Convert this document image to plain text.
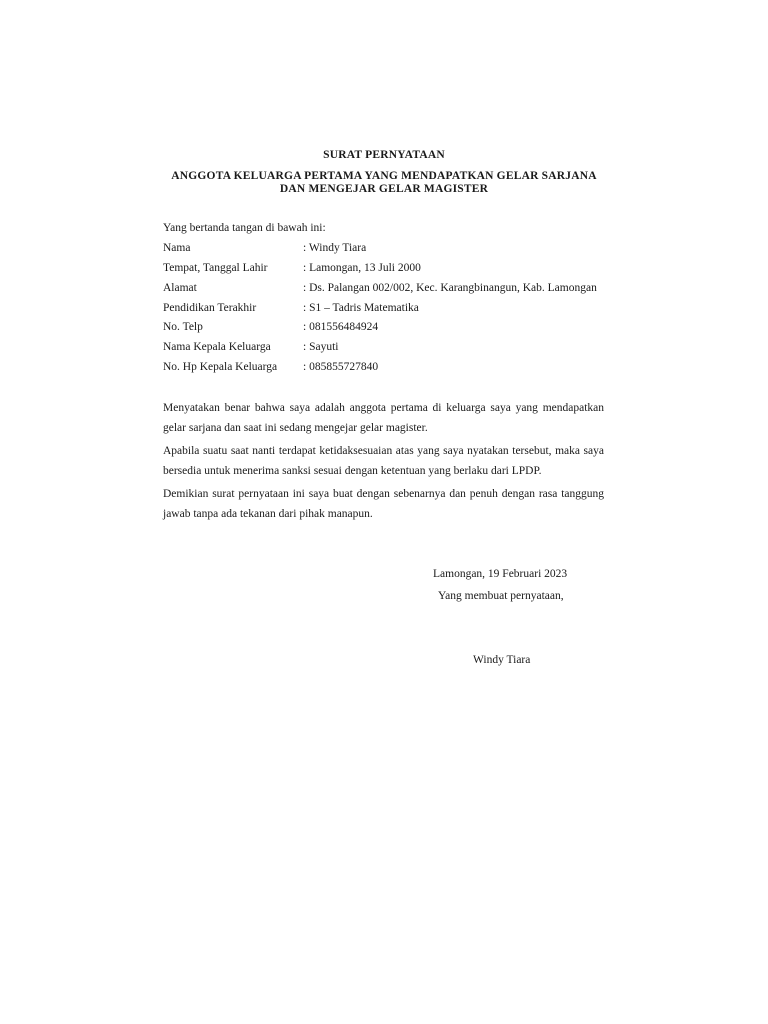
SURAT PERNYATAAN
ANGGOTA KELUARGA PERTAMA YANG MENDAPATKAN GELAR SARJANA
DAN MENGEJAR GELAR MAGISTER
Yang bertanda tangan di bawah ini:
Nama	: Windy Tiara
Tempat, Tanggal Lahir	: Lamongan, 13 Juli 2000
Alamat	: Ds. Palangan 002/002, Kec. Karangbinangun, Kab. Lamongan
Pendidikan Terakhir	: S1 – Tadris Matematika
No. Telp	: 081556484924
Nama Kepala Keluarga	: Sayuti
No. Hp Kepala Keluarga : 085855727840
Menyatakan benar bahwa saya adalah anggota pertama di keluarga saya yang mendapatkan gelar sarjana dan saat ini sedang mengejar gelar magister.
Apabila suatu saat nanti terdapat ketidaksesuaian atas yang saya nyatakan tersebut, maka saya bersedia untuk menerima sanksi sesuai dengan ketentuan yang berlaku dari LPDP.
Demikian surat pernyataan ini saya buat dengan sebenarnya dan penuh dengan rasa tanggung jawab tanpa ada tekanan dari pihak manapun.
Lamongan, 19 Februari 2023
Yang membuat pernyataan,
Windy Tiara
